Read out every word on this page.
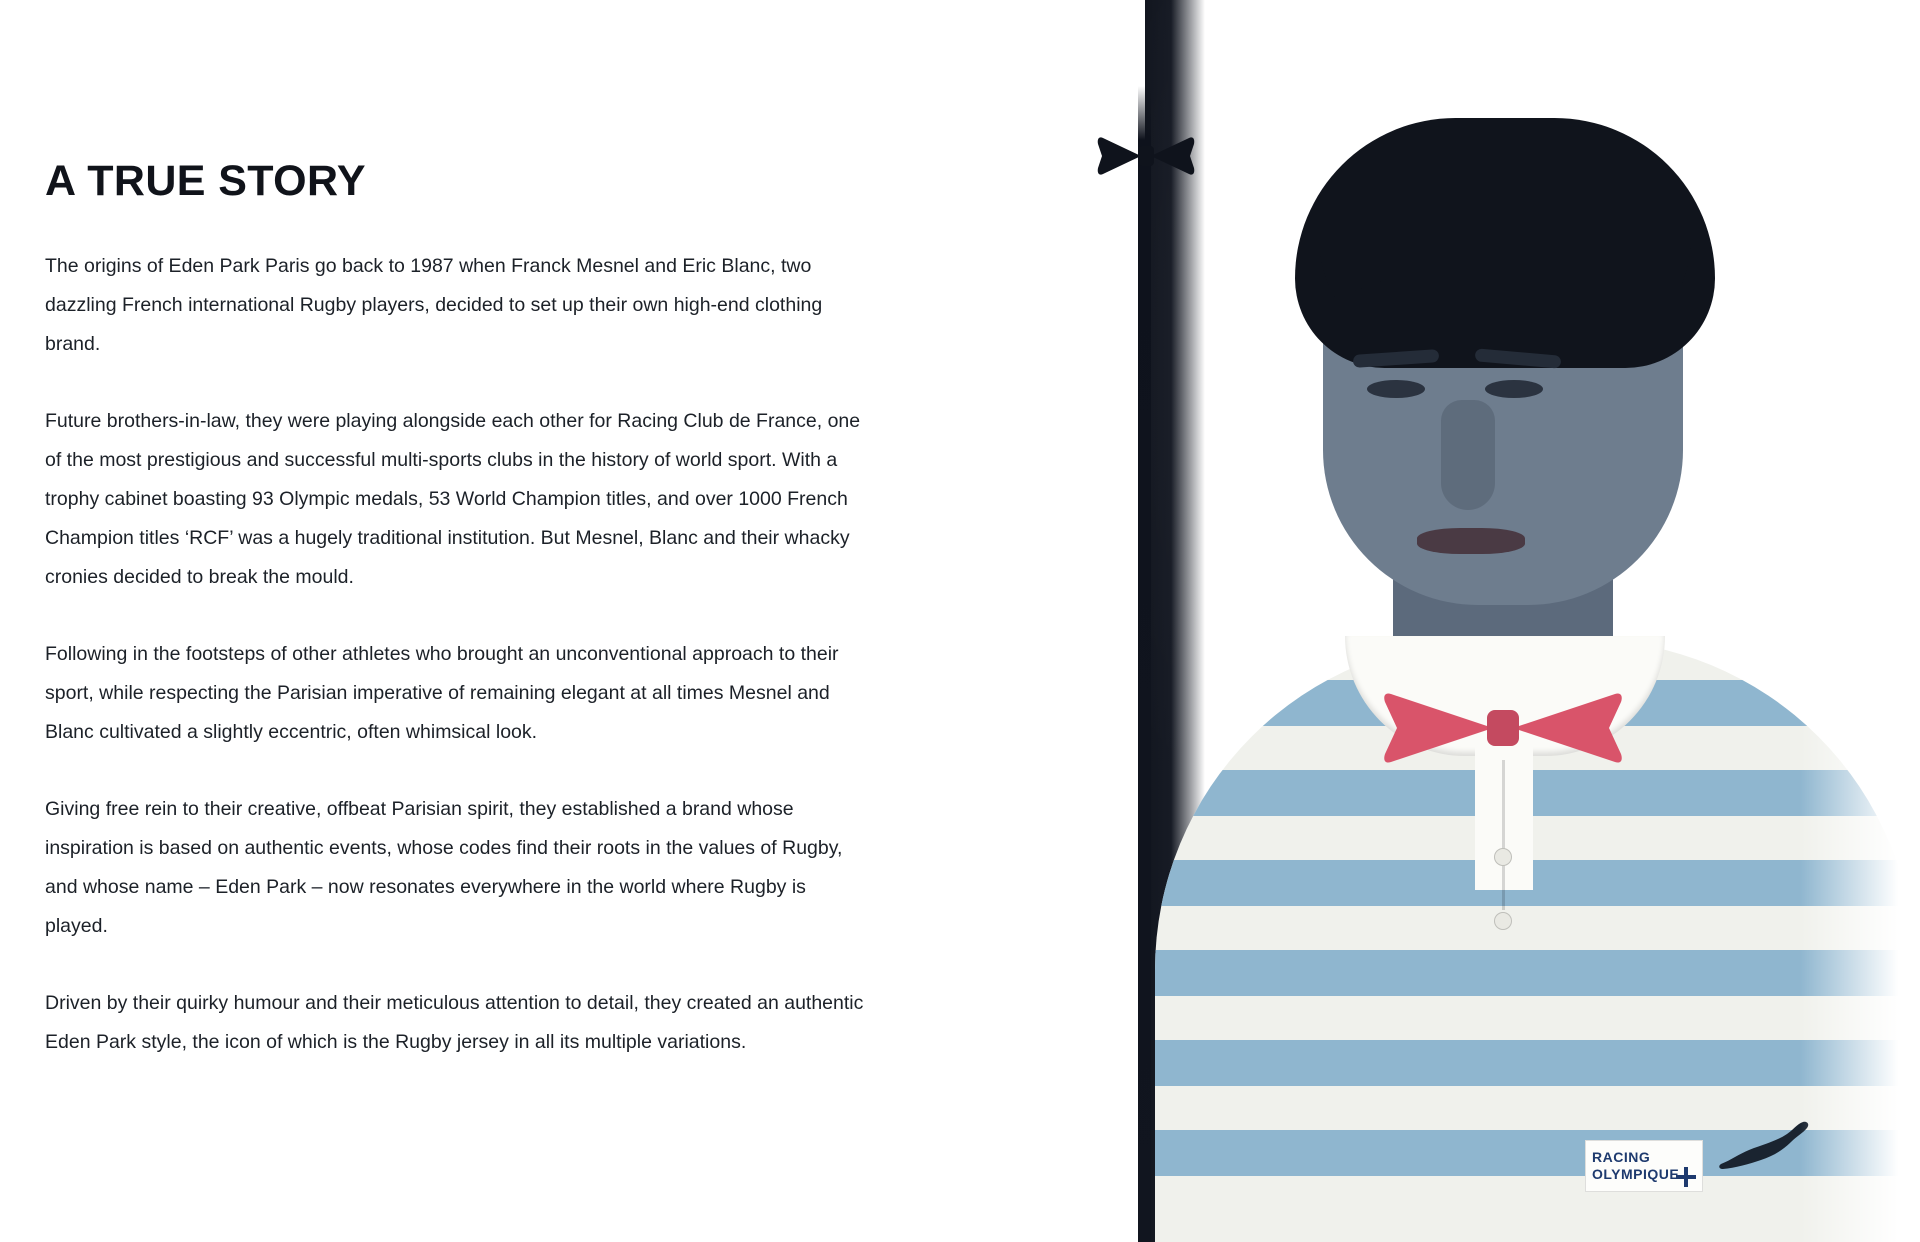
A TRUE STORY

The origins of Eden Park Paris go back to 1987 when Franck Mesnel and Eric Blanc, two dazzling French international Rugby players, decided to set up their own high-end clothing brand.

Future brothers-in-law, they were playing alongside each other for Racing Club de France, one of the most prestigious and successful multi-sports clubs in the history of world sport. With a trophy cabinet boasting 93 Olympic medals, 53 World Champion titles, and over 1000 French Champion titles ‘RCF’ was a hugely traditional institution. But Mesnel, Blanc and their whacky cronies decided to break the mould.

Following in the footsteps of other athletes who brought an unconventional approach to their sport, while respecting the Parisian imperative of remaining elegant at all times Mesnel and Blanc cultivated a slightly eccentric, often whimsical look.

Giving free rein to their creative, offbeat Parisian spirit, they established a brand whose inspiration is based on authentic events, whose codes find their roots in the values of Rugby, and whose name – Eden Park – now resonates everywhere in the world where Rugby is played.

Driven by their quirky humour and their meticulous attention to detail, they created an authentic Eden Park style, the icon of which is the Rugby jersey in all its multiple variations.

RACING
OLYMPIQUE
